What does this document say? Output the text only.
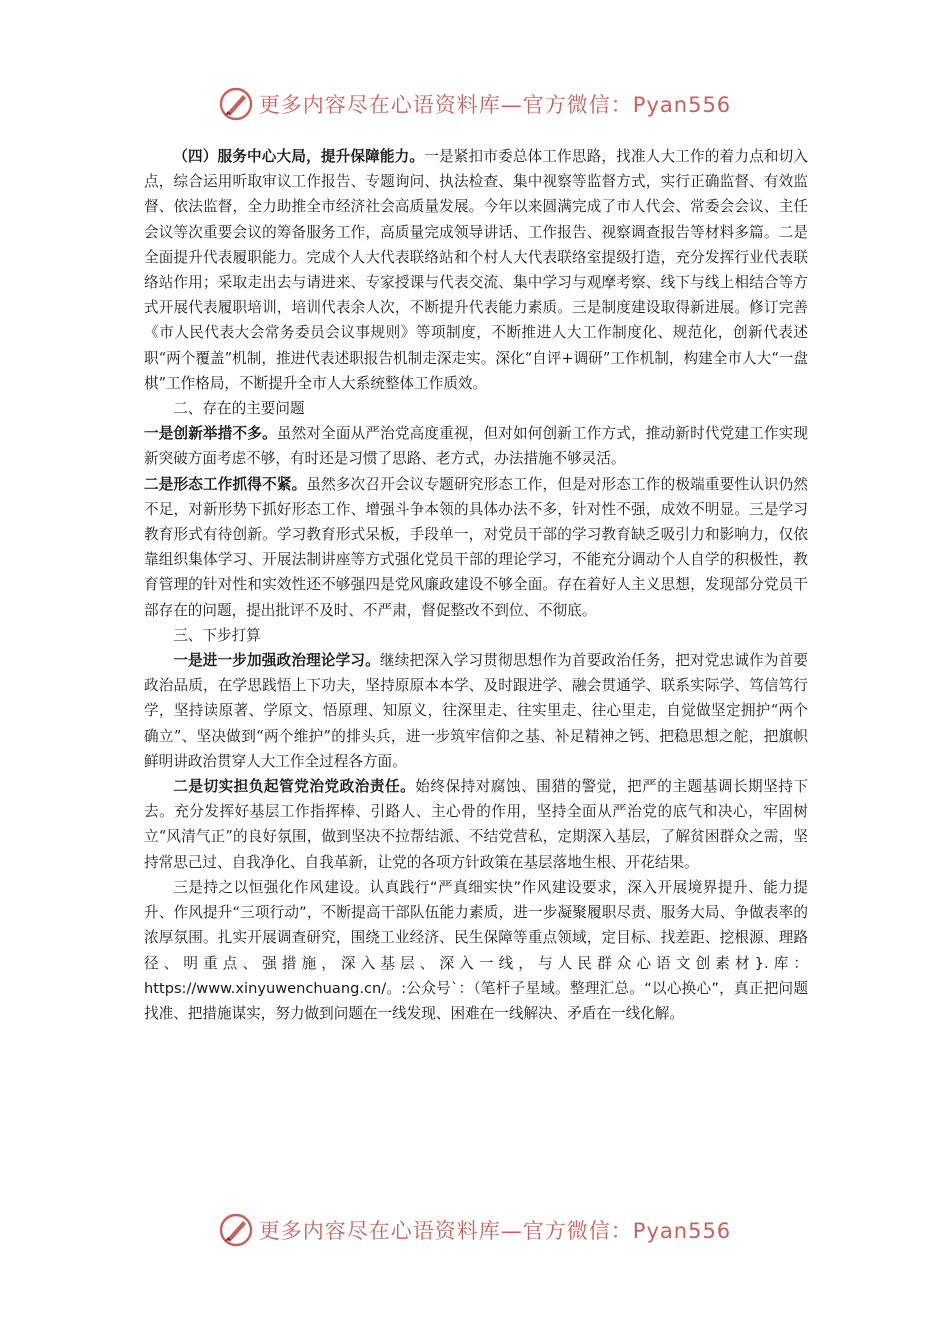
更多内容尽在心语资料库—官方微信：Pyan556

（四）服务中心大局，提升保障能力。一是紧扣市委总体工作思路，找准人大工作的着力点和切入点，综合运用听取审议工作报告、专题询问、执法检查、集中视察等监督方式，实行正确监督、有效监督、依法监督，全力助推全市经济社会高质量发展。今年以来圆满完成了市人代会、常委会会议、主任会议等次重要会议的筹备服务工作，高质量完成领导讲话、工作报告、视察调查报告等材料多篇。二是全面提升代表履职能力。完成个人大代表联络站和个村人大代表联络室提级打造，充分发挥行业代表联络站作用；采取走出去与请进来、专家授课与代表交流、集中学习与观摩考察、线下与线上相结合等方式开展代表履职培训，培训代表余人次，不断提升代表能力素质。三是制度建设取得新进展。修订完善《市人民代表大会常务委员会议事规则》等项制度，不断推进人大工作制度化、规范化，创新代表述职“两个覆盖”机制，推进代表述职报告机制走深走实。深化“自评+调研”工作机制，构建全市人大“一盘棋”工作格局，不断提升全市人大系统整体工作质效。

二、存在的主要问题

一是创新举措不多。虽然对全面从严治党高度重视，但对如何创新工作方式，推动新时代党建工作实现新突破方面考虑不够，有时还是习惯了思路、老方式，办法措施不够灵活。

二是形态工作抓得不紧。虽然多次召开会议专题研究形态工作，但是对形态工作的极端重要性认识仍然不足，对新形势下抓好形态工作、增强斗争本领的具体办法不多，针对性不强，成效不明显。三是学习教育形式有待创新。学习教育形式呆板，手段单一，对党员干部的学习教育缺乏吸引力和影响力，仅依靠组织集体学习、开展法制讲座等方式强化党员干部的理论学习，不能充分调动个人自学的积极性，教育管理的针对性和实效性还不够强四是党风廉政建设不够全面。存在着好人主义思想，发现部分党员干部存在的问题，提出批评不及时、不严肃，督促整改不到位、不彻底。

三、下步打算

一是进一步加强政治理论学习。继续把深入学习贯彻思想作为首要政治任务，把对党忠诚作为首要政治品质，在学思践悟上下功夫，坚持原原本本学、及时跟进学、融会贯通学、联系实际学、笃信笃行学，坚持读原著、学原文、悟原理、知原义，往深里走、往实里走、往心里走，自觉做坚定拥护“两个确立”、坚决做到“两个维护”的排头兵，进一步筑牢信仰之基、补足精神之钙、把稳思想之舵，把旗帜鲜明讲政治贯穿人大工作全过程各方面。

二是切实担负起管党治党政治责任。始终保持对腐蚀、围猎的警觉，把严的主题基调长期坚持下去。充分发挥好基层工作指挥棒、引路人、主心骨的作用，坚持全面从严治党的底气和决心，牢固树立“风清气正”的良好氛围，做到坚决不拉帮结派、不结党营私，定期深入基层，了解贫困群众之需，坚持常思己过、自我净化、自我革新，让党的各项方针政策在基层落地生根、开花结果。

三是持之以恒强化作风建设。认真践行“严真细实快”作风建设要求，深入开展境界提升、能力提升、作风提升“三项行动”，不断提高干部队伍能力素质，进一步凝聚履职尽责、服务大局、争做表率的浓厚氛围。扎实开展调查研究，围绕工业经济、民生保障等重点领域，定目标、找差距、挖根源、理路径、明重点、强措施，深入基层、深入一线，与人民群众心语文创素材}.库：https://www.xinyuwenchuang.cn/。:公众号`：（笔杆子星域。整理汇总。“以心换心”，真正把问题找准、把措施谋实，努力做到问题在一线发现、困难在一线解决、矛盾在一线化解。

更多内容尽在心语资料库—官方微信：Pyan556
